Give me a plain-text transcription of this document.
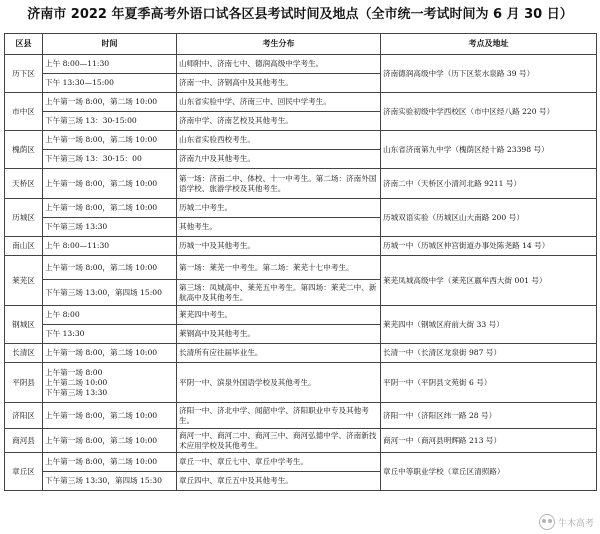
济南市 2022 年夏季高考外语口试各区县考试时间及地点（全市统一考试时间为 6 月 30 日）
区县	时间	考生分布	考点及地址
历下区	上午 8:00—11:30	山师附中、济南七中、德润高级中学考生。	济南德润高级中学（历下区浆水泉路 39 号）
	下午 13:30—15:00	济南一中、济钢高中及其他考生。	
市中区	上午第一场 8:00，第二场 10:00	山东省实验中学、济南三中、回民中学考生。	济南实验初级中学西校区（市中区经八路 220 号）
	下午第三场 13：30-15:00	济南中学、济南艺校及其他考生。	
槐荫区	上午第一场 8:00，第二场 10:00	山东省实验西校考生。	山东省济南第九中学（槐荫区经十路 23398 号）
	下午第三场 13：30-15：00	济南九中及其他考生。	
天桥区	上午第一场 8:00，第二场 10:00	第一场：济南二中、体校、十一中考生。第二场：济南外国语学校、旅游学校及其他考生。	济南二中（天桥区小清河北路 9211 号）
历城区	上午第一场 8:00，第二场 10:00	历城二中考生。	历城双语实验（历城区山大南路 200 号）
	下午第三场 13:30	其他考生。	
南山区	上午 8:00—11:30	历城一中及其他考生。	历城一中（历城区仲宫街道办事处陈尧路 14 号）
莱芜区	上午第一场 8:00，第二场 10:00	第一场：莱芜一中考生。第二场：莱芜十七中考生。	莱芜凤城高级中学（莱芜区嬴牟西大街 001 号）
	下午第三场 13:00，第四场 15:00	第三场：凤城高中、莱芜五中考生。第四场：莱芜二中、新航高中及其他考生。	
钢城区	上午 8:00	莱芜四中考生。	莱芜四中（钢城区府前大街 33 号）
	下午 13:30	莱钢高中及其他考生。	
长清区	上午第一场 8:00，第二场 10:00	长清所有应往届毕业生。	长清一中（长清区龙泉街 987 号）
平阴县	上午第一场 8:00
上午第二场 10:00
下午第三场 13:30	平阴一中、滨泉外国语学校及其他考生。	平阴一中（平阴县文苑街 6 号）
济阳区	上午第一场 8:00，第二场 10:00	济阳一中、济北中学、闻韶中学、济阳职业中专及其他考生。	济阳一中（济阳区纬一路 28 号）
商河县	上午第一场 8:00，第二场 10:00	商河一中、商河二中、商河三中、商河弘德中学、济南新技术应用学校及其他考生。	商河一中（商河县明辉路 213 号）
章丘区	上午第一场 8:00，第二场 10:00	章丘一中、章丘七中、章丘中学考生。	章丘中等职业学校（章丘区清照路）
	下午第三场 13:30，第四场 15:30	章丘四中、章丘五中及其他考生。	
牛木高考
